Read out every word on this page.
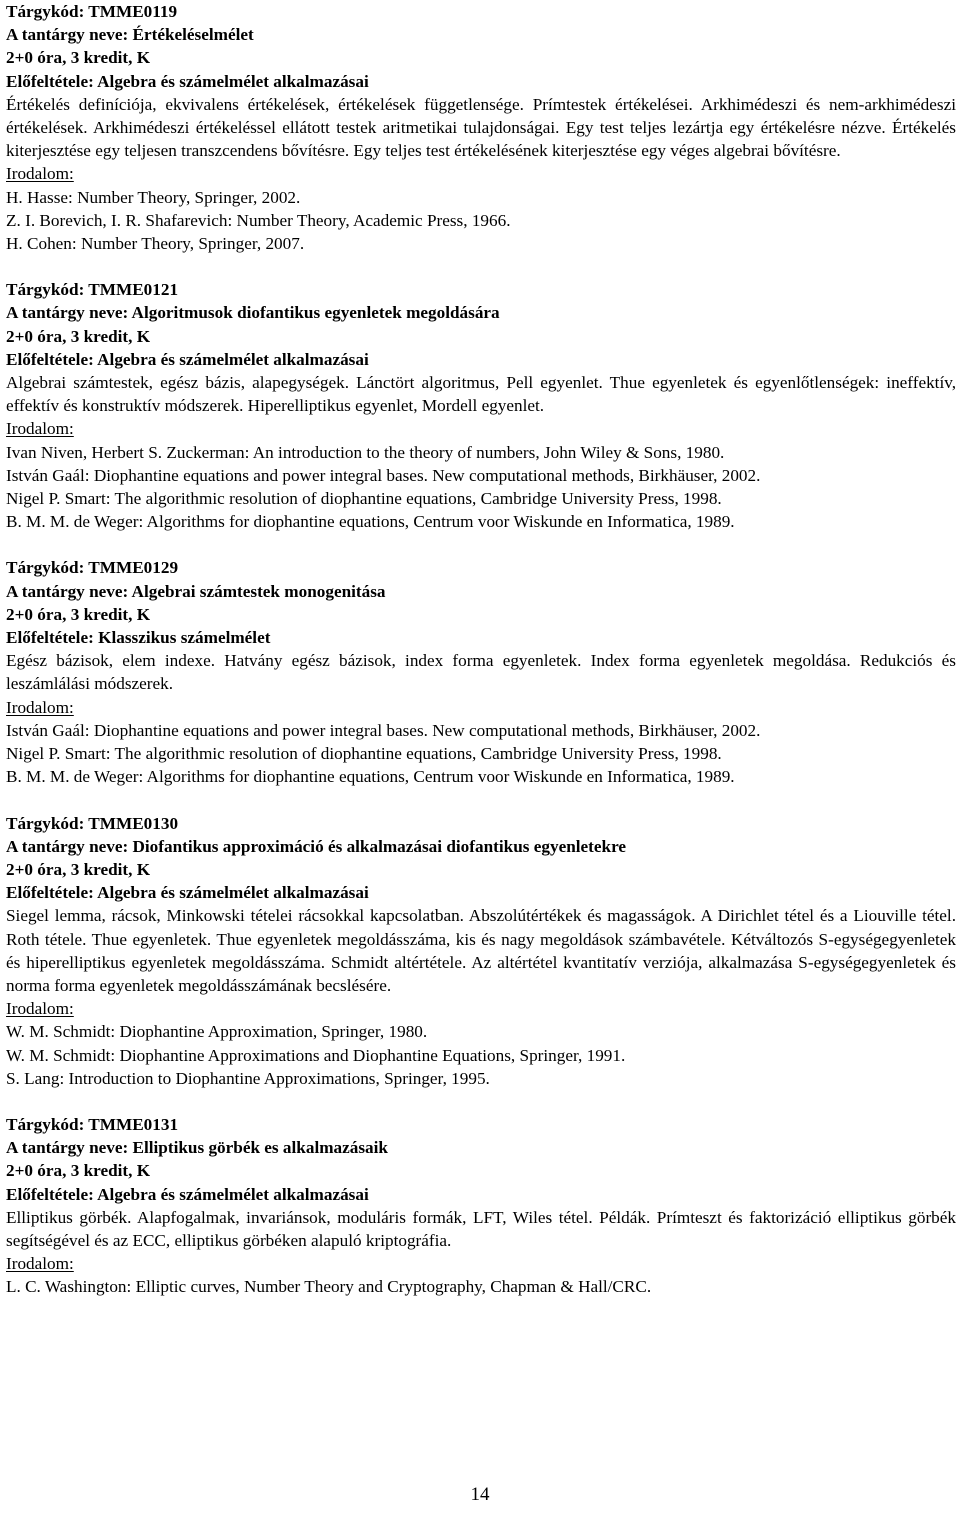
Tárgykód: TMME0119
A tantárgy neve: Értékeléselmélet
2+0 óra, 3 kredit, K
Előfeltétele: Algebra és számelmélet alkalmazásai
Értékelés definíciója, ekvivalens értékelések, értékelések függetlensége. Prímtestek értékelései. Arkhimédeszi és nem-arkhimédeszi értékelések. Arkhimédeszi értékeléssel ellátott testek aritmetikai tulajdonságai. Egy test teljes lezártja egy értékelésre nézve. Értékelés kiterjesztése egy teljesen transzcendens bővítésre. Egy teljes test értékelésének kiterjesztése egy véges algebrai bővítésre.
Irodalom:
H. Hasse: Number Theory, Springer, 2002.
Z. I. Borevich, I. R. Shafarevich: Number Theory, Academic Press, 1966.
H. Cohen: Number Theory, Springer, 2007.
Tárgykód: TMME0121
A tantárgy neve: Algoritmusok diofantikus egyenletek megoldására
2+0 óra, 3 kredit, K
Előfeltétele: Algebra és számelmélet alkalmazásai
Algebrai számtestek, egész bázis, alapegységek. Lánctört algoritmus, Pell egyenlet. Thue egyenletek és egyenlőtlenségek: ineffektív, effektív és konstruktív módszerek. Hiperelliptikus egyenlet, Mordell egyenlet.
Irodalom:
Ivan Niven, Herbert S. Zuckerman: An introduction to the theory of numbers, John Wiley & Sons, 1980.
István Gaál: Diophantine equations and power integral bases. New computational methods, Birkhäuser, 2002.
Nigel P. Smart: The algorithmic resolution of diophantine equations, Cambridge University Press, 1998.
B. M. M. de Weger: Algorithms for diophantine equations, Centrum voor Wiskunde en Informatica, 1989.
Tárgykód: TMME0129
A tantárgy neve: Algebrai számtestek monogenitása
2+0 óra, 3 kredit, K
Előfeltétele: Klasszikus számelmélet
Egész bázisok, elem indexe. Hatvány egész bázisok, index forma egyenletek. Index forma egyenletek megoldása. Redukciós és leszámlálási módszerek.
Irodalom:
István Gaál: Diophantine equations and power integral bases. New computational methods, Birkhäuser, 2002.
Nigel P. Smart: The algorithmic resolution of diophantine equations, Cambridge University Press, 1998.
B. M. M. de Weger: Algorithms for diophantine equations, Centrum voor Wiskunde en Informatica, 1989.
Tárgykód: TMME0130
A tantárgy neve: Diofantikus approximáció és alkalmazásai diofantikus egyenletekre
2+0 óra, 3 kredit, K
Előfeltétele: Algebra és számelmélet alkalmazásai
Siegel lemma, rácsok, Minkowski tételei rácsokkal kapcsolatban. Abszolútértékek és magasságok. A Dirichlet tétel és a Liouville tétel. Roth tétele. Thue egyenletek. Thue egyenletek megoldásszáma, kis és nagy megoldások számbavétele. Kétváltozós S-egységegyenletek és hiperelliptikus egyenletek megoldásszáma. Schmidt altértétele. Az altértétel kvantitatív verziója, alkalmazása S-egységegyenletek és norma forma egyenletek megoldásszámának becslésére.
Irodalom:
W. M. Schmidt: Diophantine Approximation, Springer, 1980.
W. M. Schmidt: Diophantine Approximations and Diophantine Equations, Springer, 1991.
S. Lang: Introduction to Diophantine Approximations, Springer, 1995.
Tárgykód: TMME0131
A tantárgy neve: Elliptikus görbék es alkalmazásaik
2+0 óra, 3 kredit, K
Előfeltétele: Algebra és számelmélet alkalmazásai
Elliptikus görbék. Alapfogalmak, invariánsok, moduláris formák, LFT, Wiles tétel. Példák. Prímteszt és faktorizáció elliptikus görbék segítségével és az ECC, elliptikus görbéken alapuló kriptográfia.
Irodalom:
L. C. Washington: Elliptic curves, Number Theory and Cryptography, Chapman & Hall/CRC.
14
